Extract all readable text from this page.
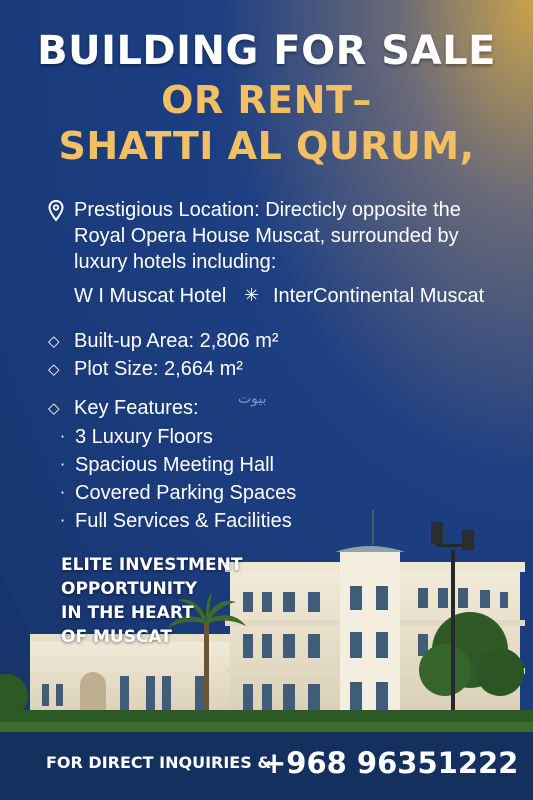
BUILDING FOR SALE
OR RENT–
SHATTI AL QURUM,
Prestigious Location: Directicly opposite the
Royal Opera House Muscat, surrounded by
luxury hotels including:
W I Muscat Hotel ✳ InterContinental Muscat
◇ Built-up Area: 2,806 m²
◇ Plot Size: 2,664 m²
◇ Key Features:	بيوت
· 3 Luxury Floors
· Spacious Meeting Hall
· Covered Parking Spaces
· Full Services & Facilities
ELITE INVESTMENT
OPPORTUNITY
IN THE HEART
OF MUSCAT
FOR DIRECT INQUIRIES &
+968 96351222
